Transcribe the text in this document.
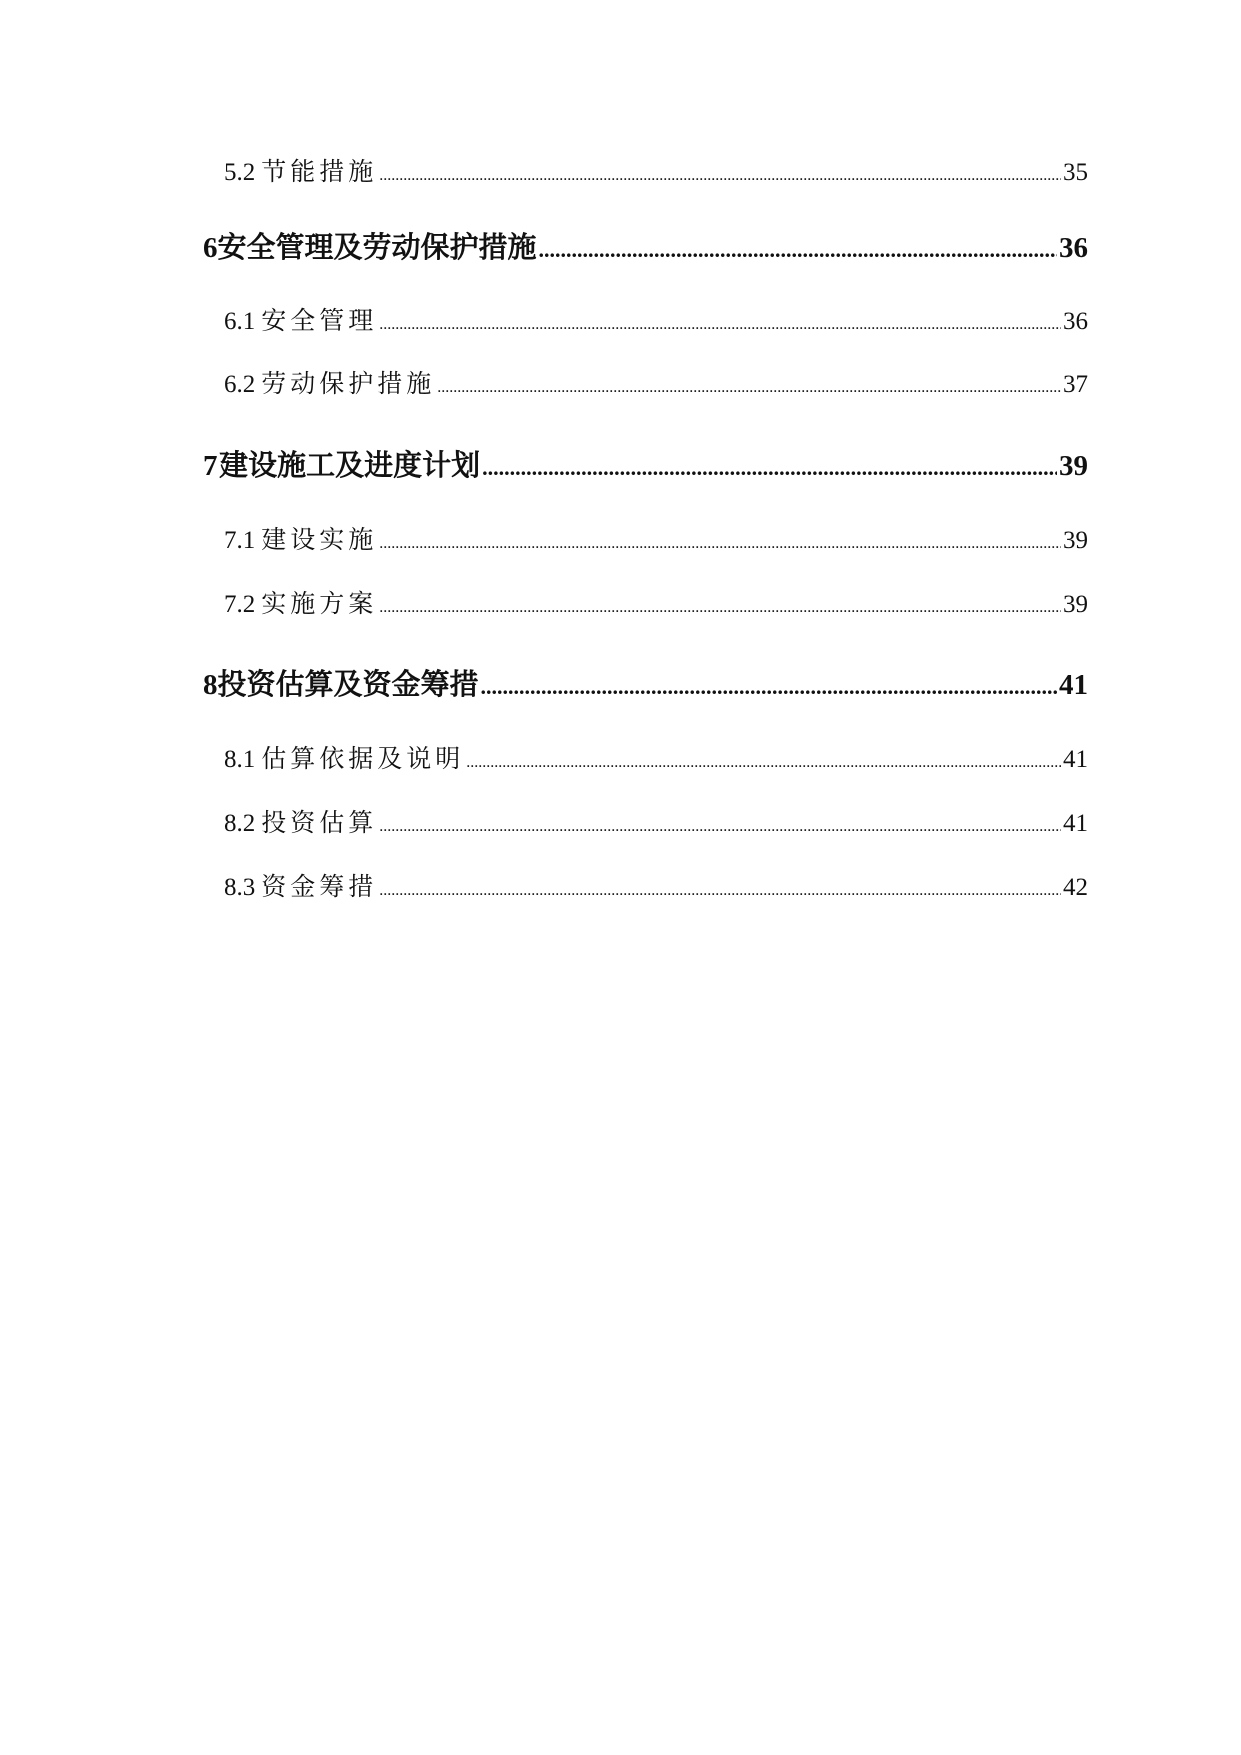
5.2 节能措施 .....	35
6 安全管理及劳动保护措施 .....	36
6.1 安全管理 .....	36
6.2 劳动保护措施 .....	37
7 建设施工及进度计划 .....	39
7.1 建设实施 .....	39
7.2 实施方案 .....	39
8 投资估算及资金筹措 .....	41
8.1 估算依据及说明 .....	41
8.2 投资估算 .....	41
8.3 资金筹措 .....	42
